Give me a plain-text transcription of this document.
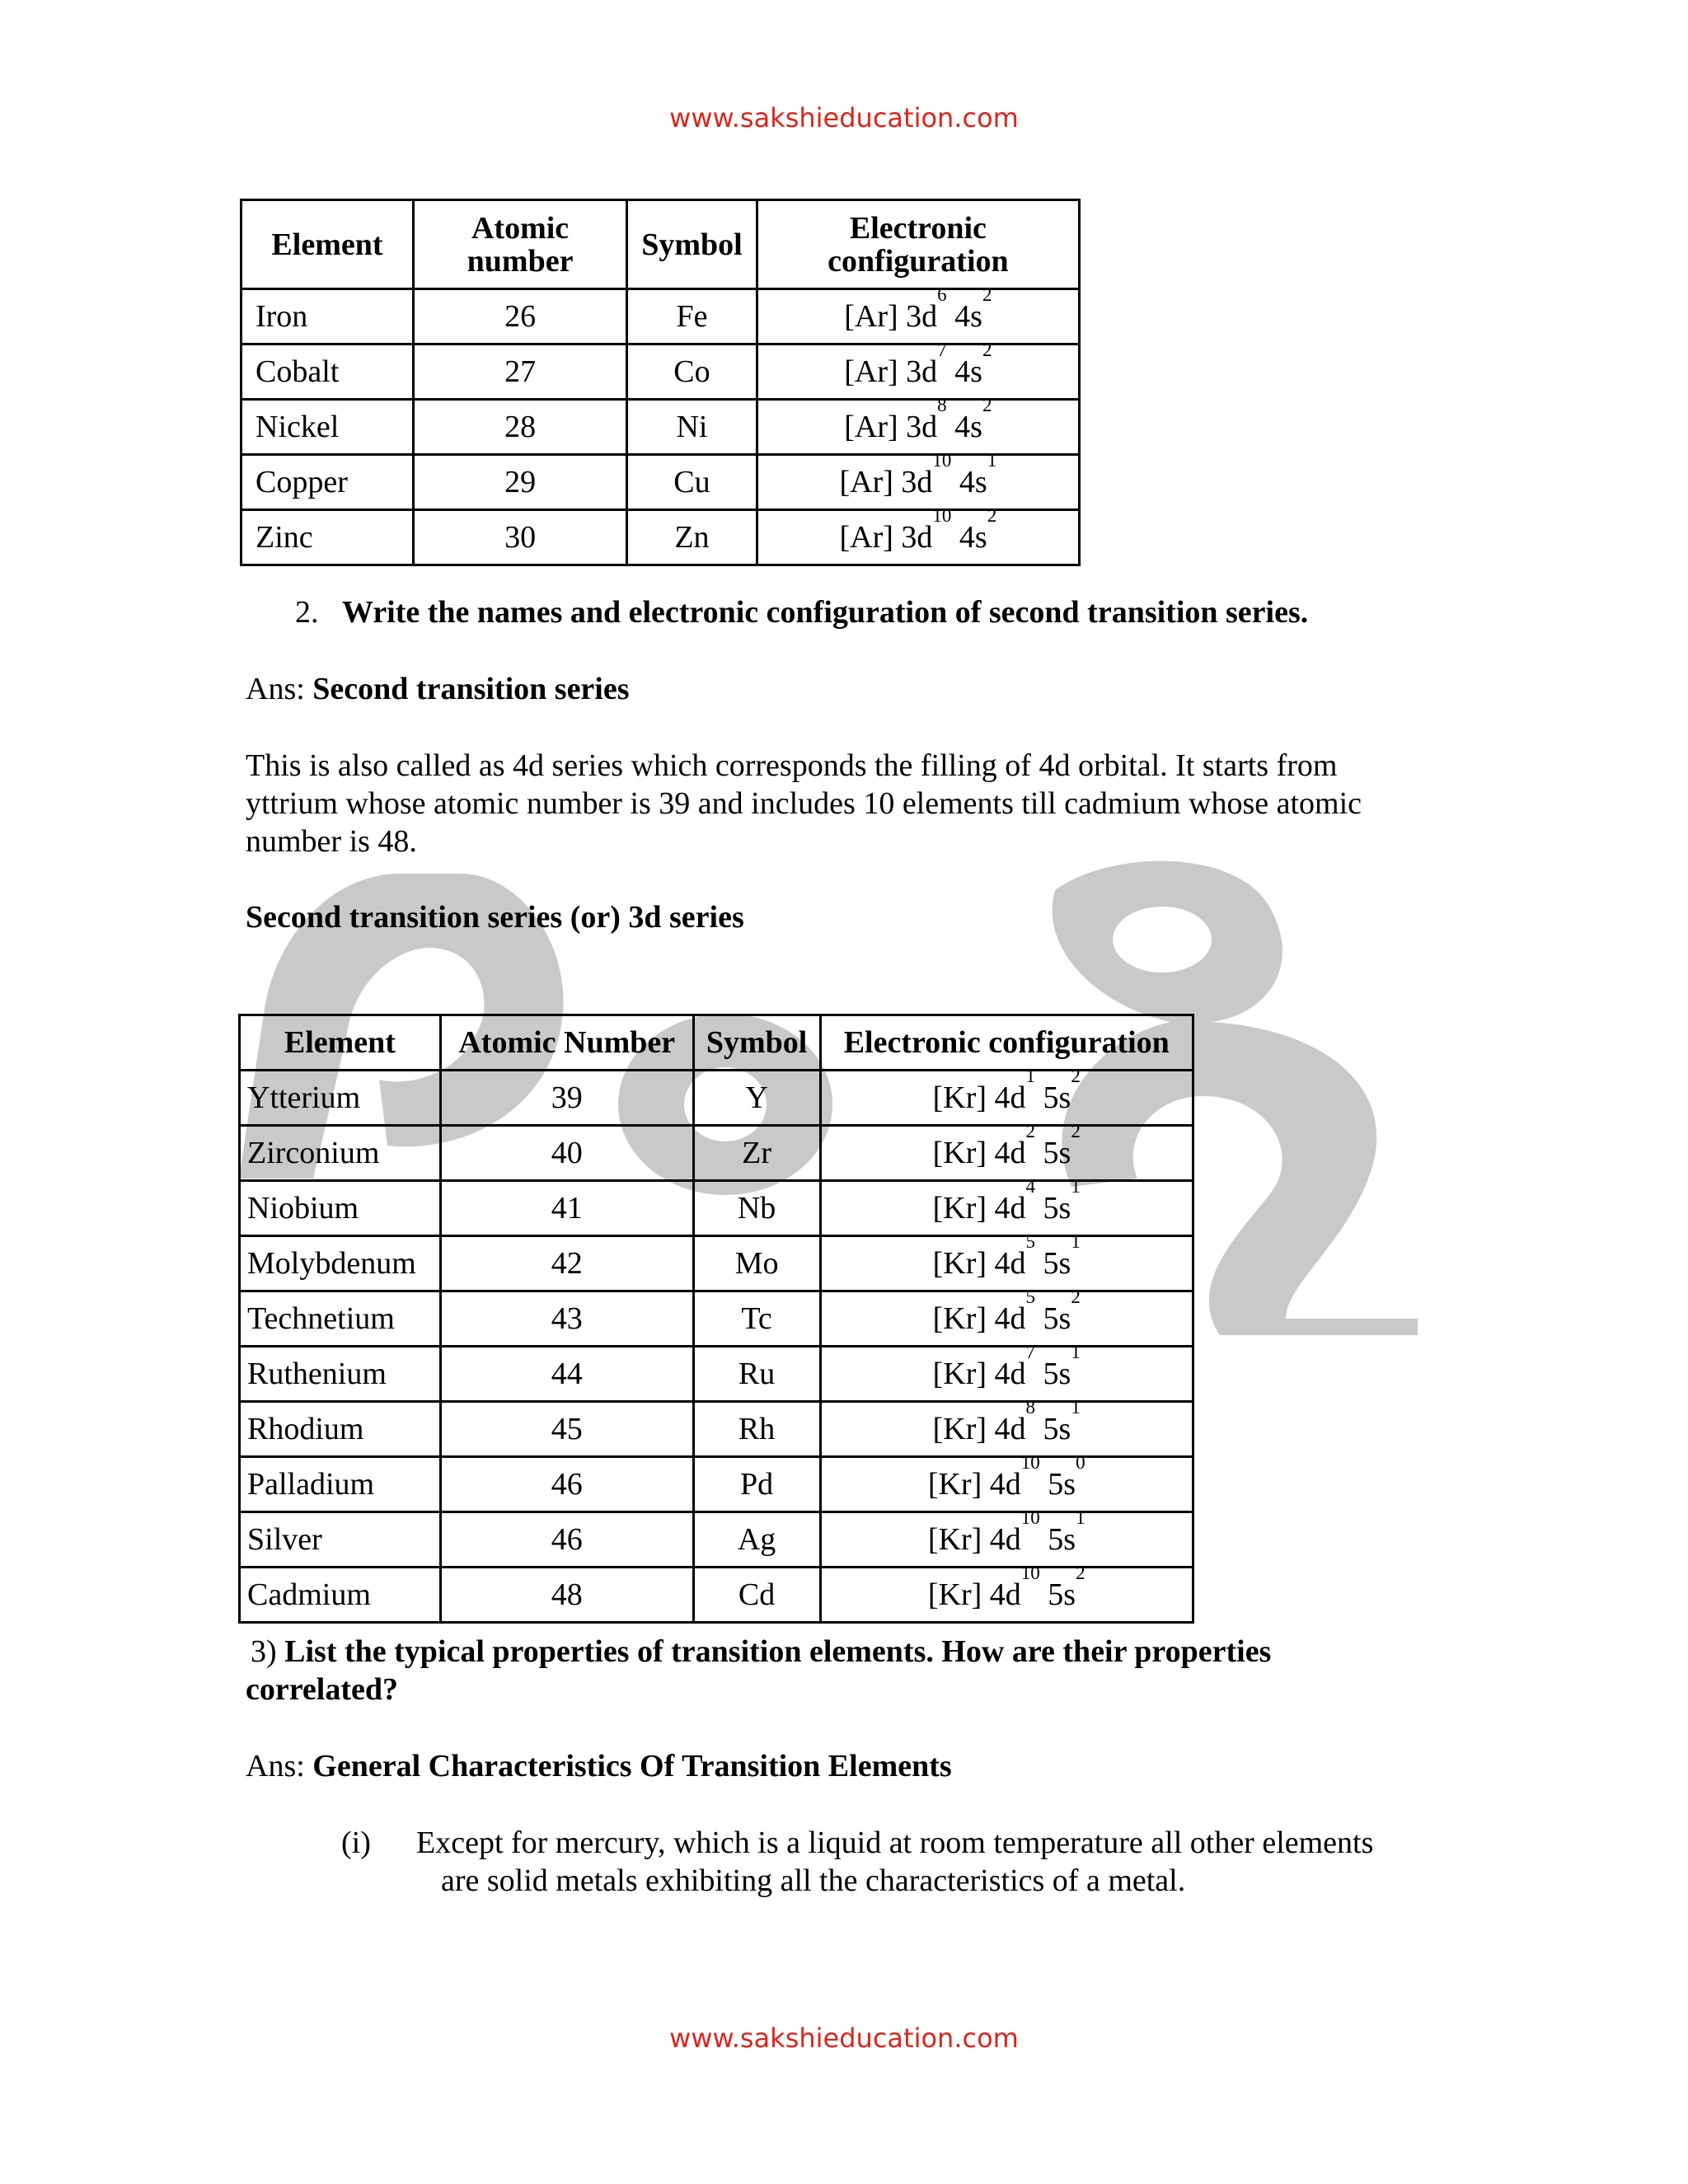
www.sakshieducation.com
Element	Atomic number	Symbol	Electronic configuration
Iron	26	Fe	[Ar] $3d^6$ $4s^2$
Cobalt	27	Co	[Ar] $3d^7$ $4s^2$
Nickel	28	Ni	[Ar] $3d^8$ $4s^2$
Copper	29	Cu	[Ar] $3d^{10}$ $4s^1$
Zinc	30	Zn	[Ar] $3d^{10}$ $4s^2$
2. Write the names and electronic configuration of second transition series.
Ans: Second transition series
This is also called as 4d series which corresponds the filling of 4d orbital. It starts from
yttrium whose atomic number is 39 and includes 10 elements till cadmium whose atomic
number is 48.
Second transition series (or) 3d series
Element	Atomic Number	Symbol	Electronic configuration
Ytterium	39	Y	[Kr] $4d^1$ $5s^2$
Zirconium	40	Zr	[Kr] $4d^2$ $5s^2$
Niobium	41	Nb	[Kr] $4d^4$ $5s^1$
Molybdenum	42	Mo	[Kr] $4d^5$ $5s^1$
Technetium	43	Tc	[Kr] $4d^5$ $5s^2$
Ruthenium	44	Ru	[Kr] $4d^7$ $5s^1$
Rhodium	45	Rh	[Kr] $4d^8$ $5s^1$
Palladium	46	Pd	[Kr] $4d^{10}$ $5s^0$
Silver	46	Ag	[Kr] $4d^{10}$ $5s^1$
Cadmium	48	Cd	[Kr] $4d^{10}$ $5s^2$
3) List the typical properties of transition elements. How are their properties
correlated?
Ans: General Characteristics Of Transition Elements
(i) Except for mercury, which is a liquid at room temperature all other elements
are solid metals exhibiting all the characteristics of a metal.
www.sakshieducation.com
